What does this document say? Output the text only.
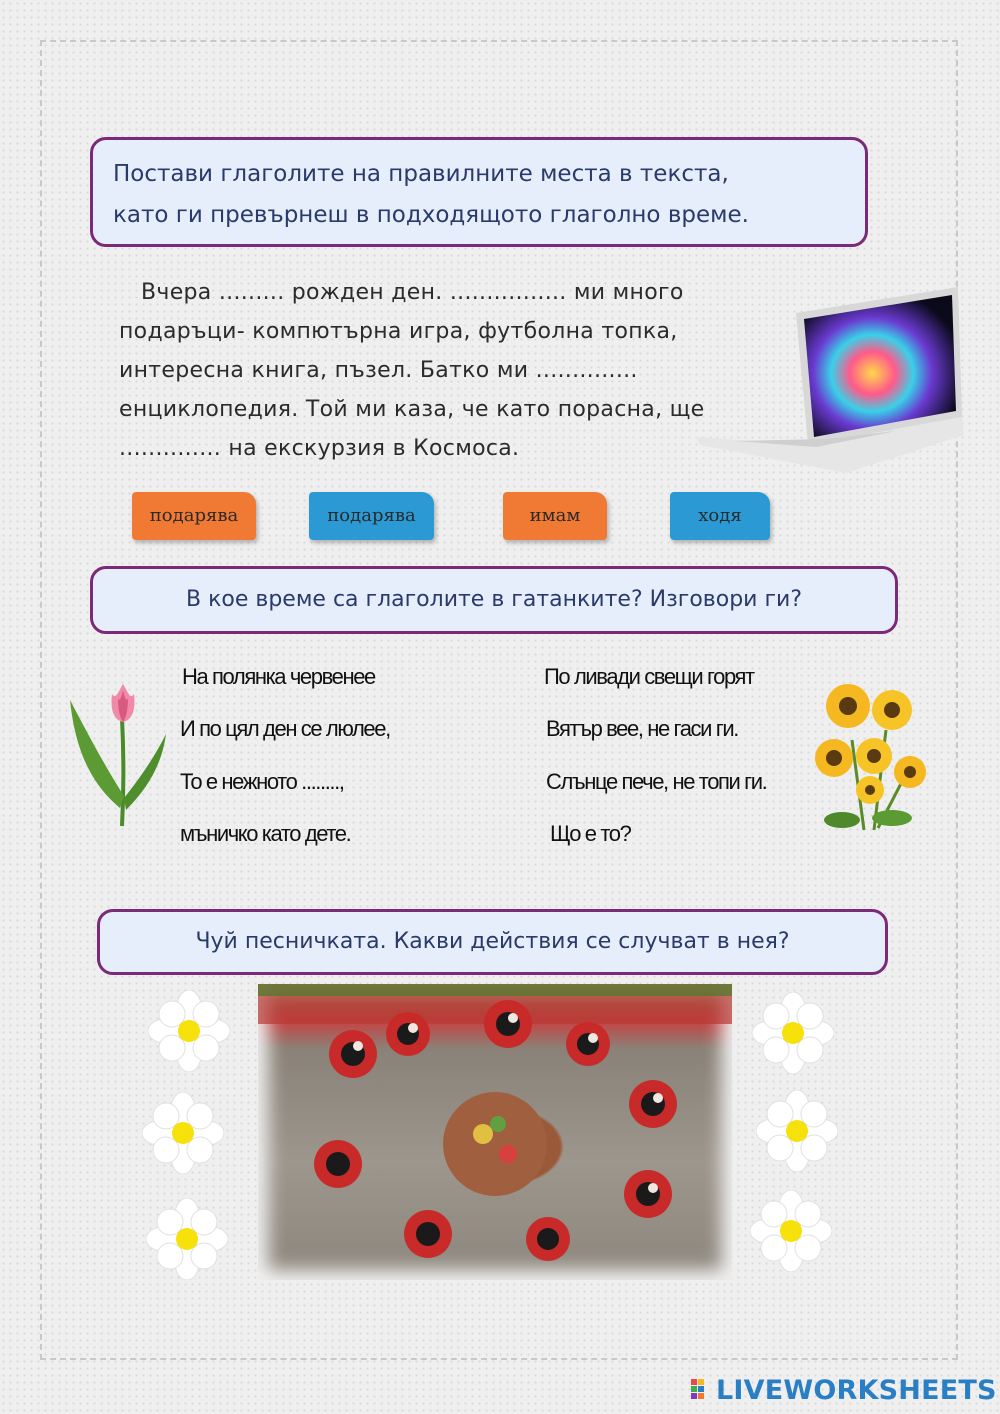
Постави глаголите на правилните места в текста,
като ги превърнеш в подходящото глаголно време.
Вчера ......... рожден ден. ................ ми много
подаръци- компютърна игра, футболна топка,
интересна книга, пъзел. Батко ми ..............
енциклопедия. Той ми каза, че като порасна, ще
.............. на екскурзия в Космоса.
подарява	подарява	имам	ходя
В кое време са глаголите в гатанките? Изговори ги?
На полянка червенее
И по цял ден се люлее,
То е нежното ........,
мъничко като дете.
По ливади свещи горят
Вятър вее, не гаси ги.
Слънце пече, не топи ги.
Що е то?
Чуй песничката. Какви действия се случват в нея?
LIVEWORKSHEETS
